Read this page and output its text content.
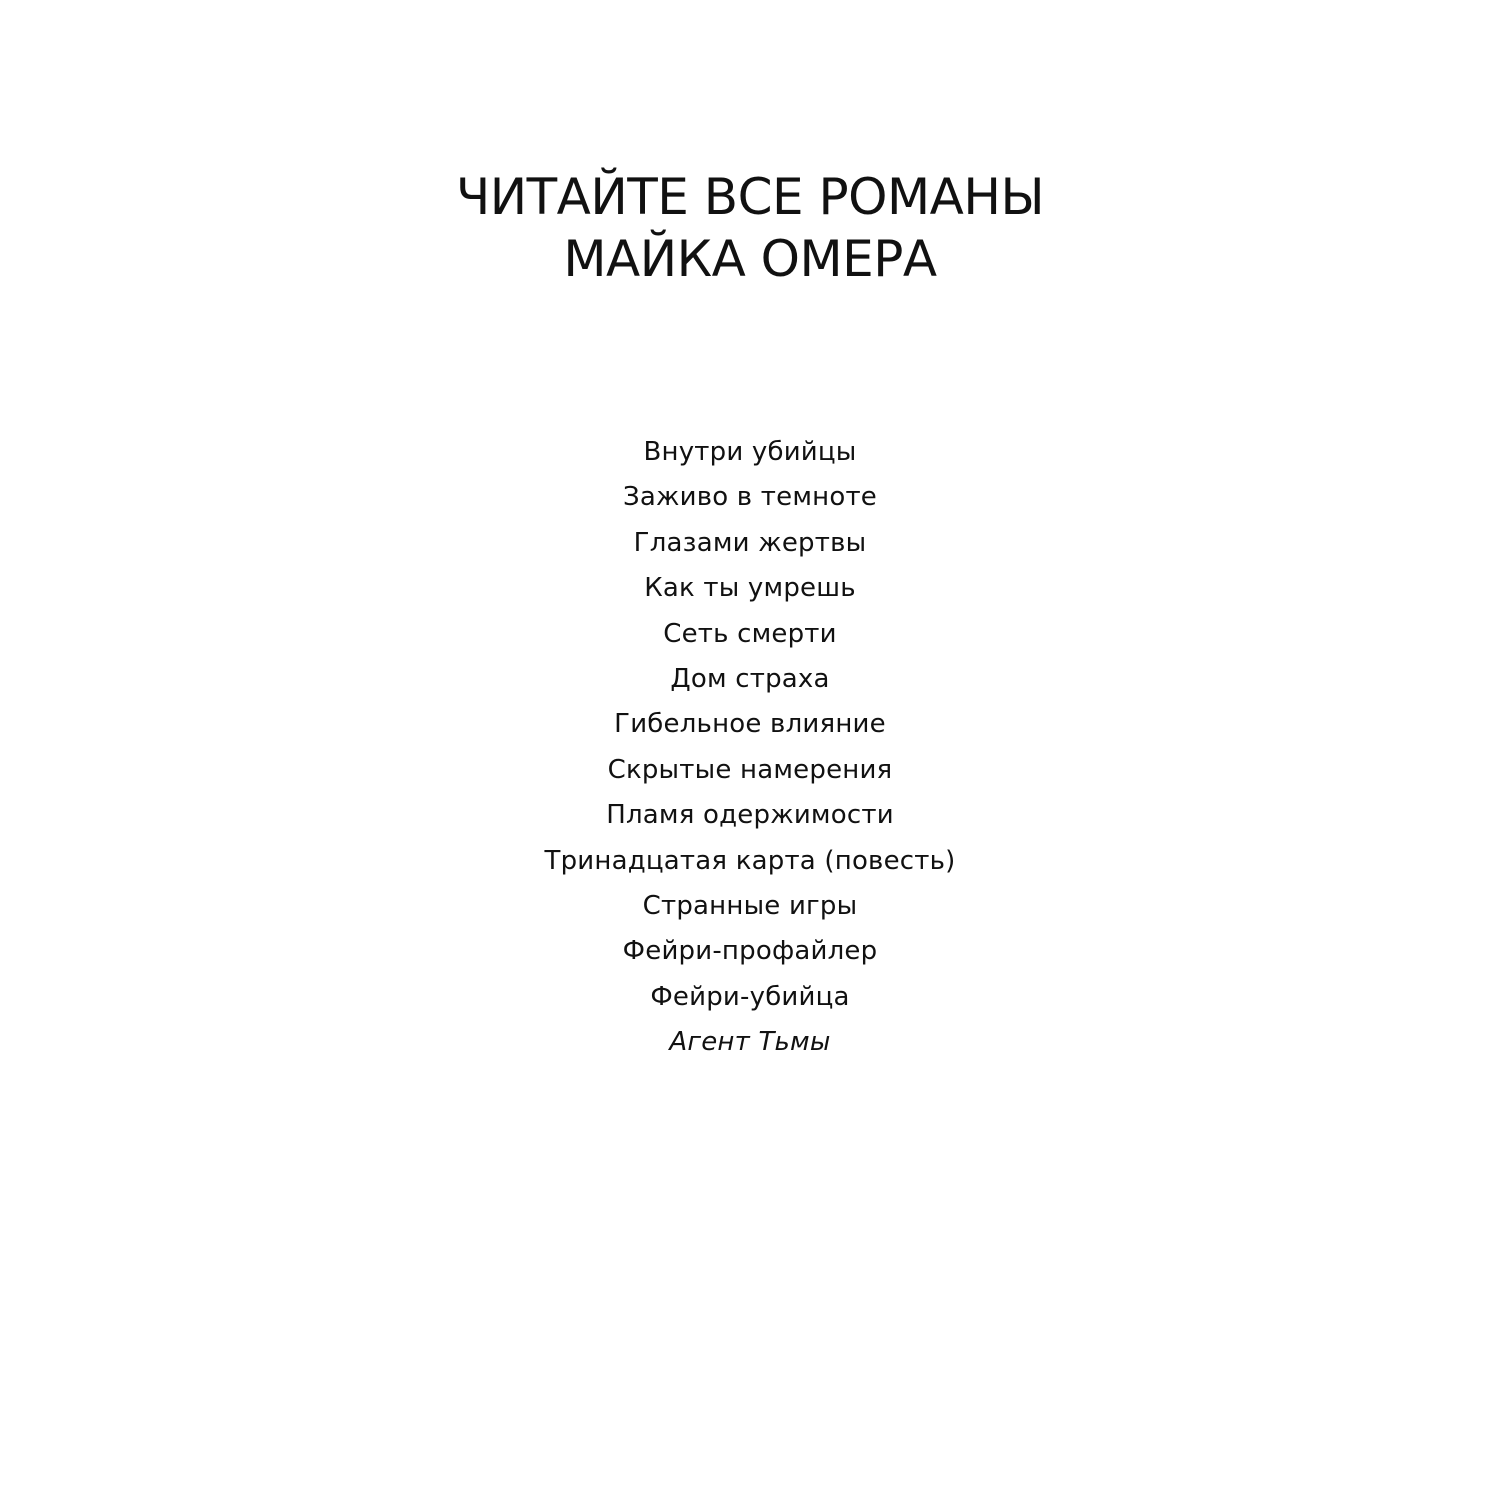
ЧИТАЙТЕ ВСЕ РОМАНЫ
МАЙКА ОМЕРА
Внутри убийцы
Заживо в темноте
Глазами жертвы
Как ты умрешь
Сеть смерти
Дом страха
Гибельное влияние
Скрытые намерения
Пламя одержимости
Тринадцатая карта (повесть)
Странные игры
Фейри-профайлер
Фейри-убийца
Агент Тьмы
